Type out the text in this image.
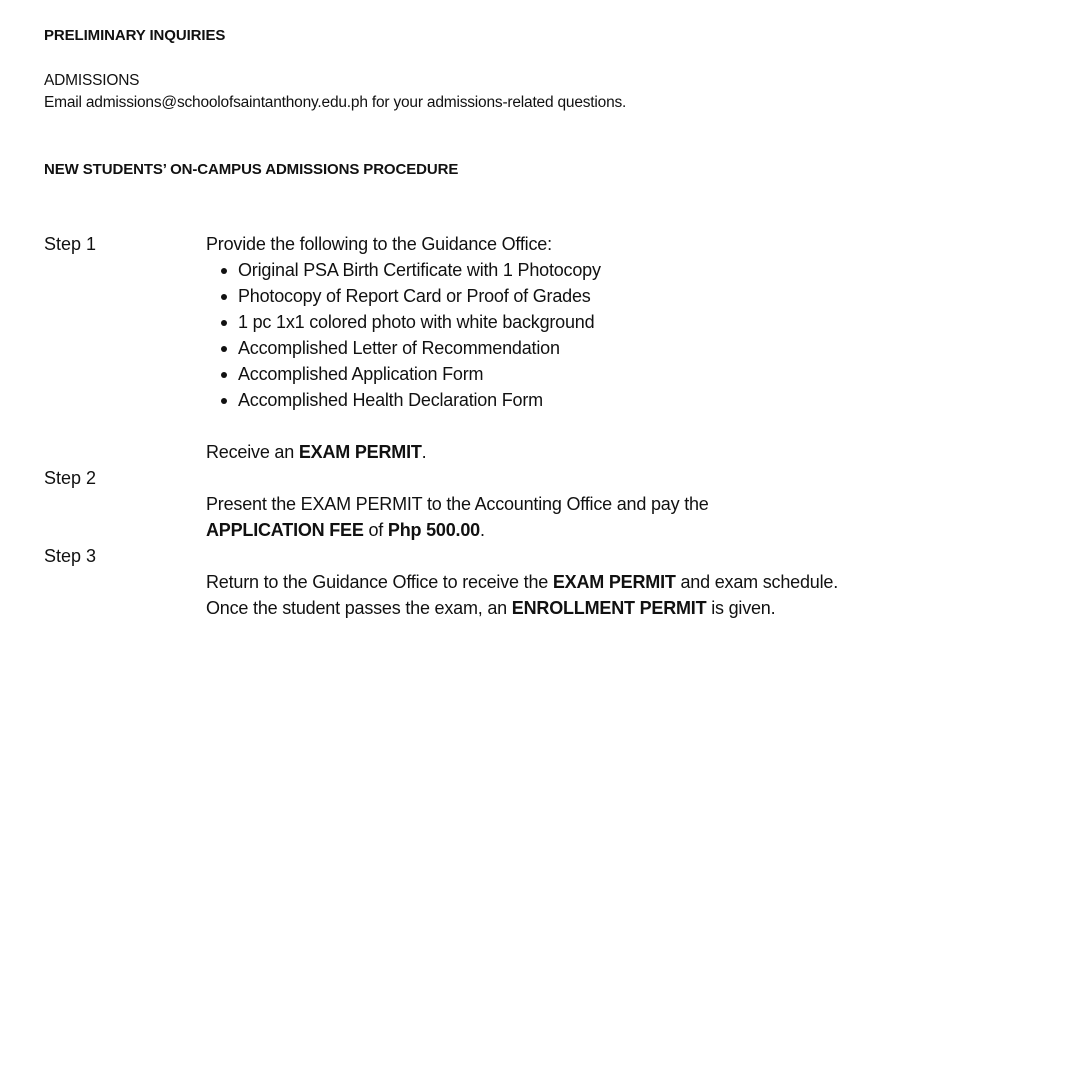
PRELIMINARY INQUIRIES
ADMISSIONS
Email admissions@schoolofsaintanthony.edu.ph for your admissions-related questions.
NEW STUDENTS’ ON-CAMPUS ADMISSIONS PROCEDURE
Step 1	Provide the following to the Guidance Office:
Original PSA Birth Certificate with 1 Photocopy
Photocopy of Report Card or Proof of Grades
1 pc 1x1 colored photo with white background
Accomplished Letter of Recommendation
Accomplished Application Form
Accomplished Health Declaration Form
Receive an EXAM PERMIT.
Step 2
Present the EXAM PERMIT to the Accounting Office and pay the
APPLICATION FEE of Php 500.00.
Step 3
Return to the Guidance Office to receive the EXAM PERMIT and exam schedule.
Once the student passes the exam, an ENROLLMENT PERMIT is given.
